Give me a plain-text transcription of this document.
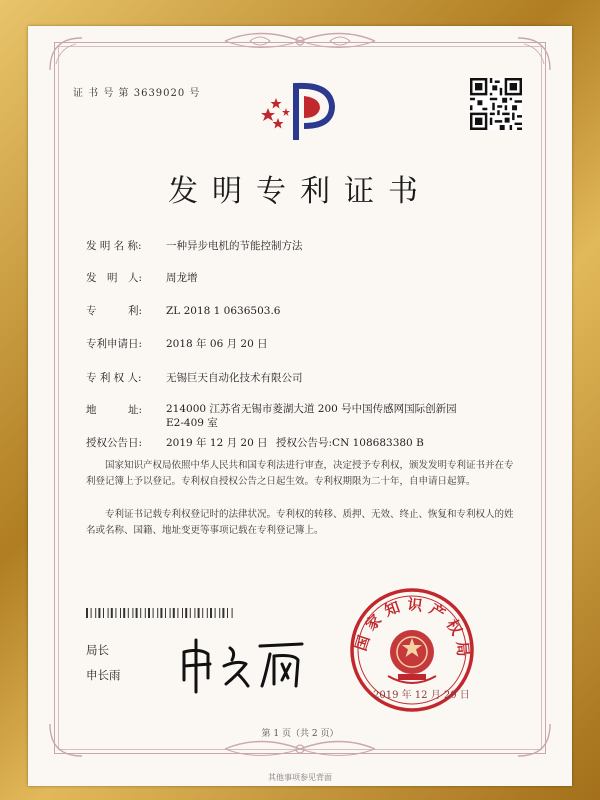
证 书 号 第 3639020 号
发明专利证书
发 明 名 称: 一种异步电机的节能控制方法
发　明　人: 周龙增
专　　　利: ZL 2018 1 0636503.6
专利申请日: 2018 年 06 月 20 日
专 利 权 人: 无锡巨天自动化技术有限公司
地　　　址: 214000 江苏省无锡市菱湖大道 200 号中国传感网国际创新园 E2-409 室
授权公告日: 2019 年 12 月 20 日 授权公告号:CN 108683380 B
国家知识产权局依照中华人民共和国专利法进行审查，决定授予专利权，颁发发明专利证书并在专利登记簿上予以登记。专利权自授权公告之日起生效。专利权期限为二十年，自申请日起算。
专利证书记载专利权登记时的法律状况。专利权的转移、质押、无效、终止、恢复和专利权人的姓名或名称、国籍、地址变更等事项记载在专利登记簿上。
局长
申长雨
国家知识产权局
2019 年 12 月 20 日
第 1 页（共 2 页）
其他事项参见背面
